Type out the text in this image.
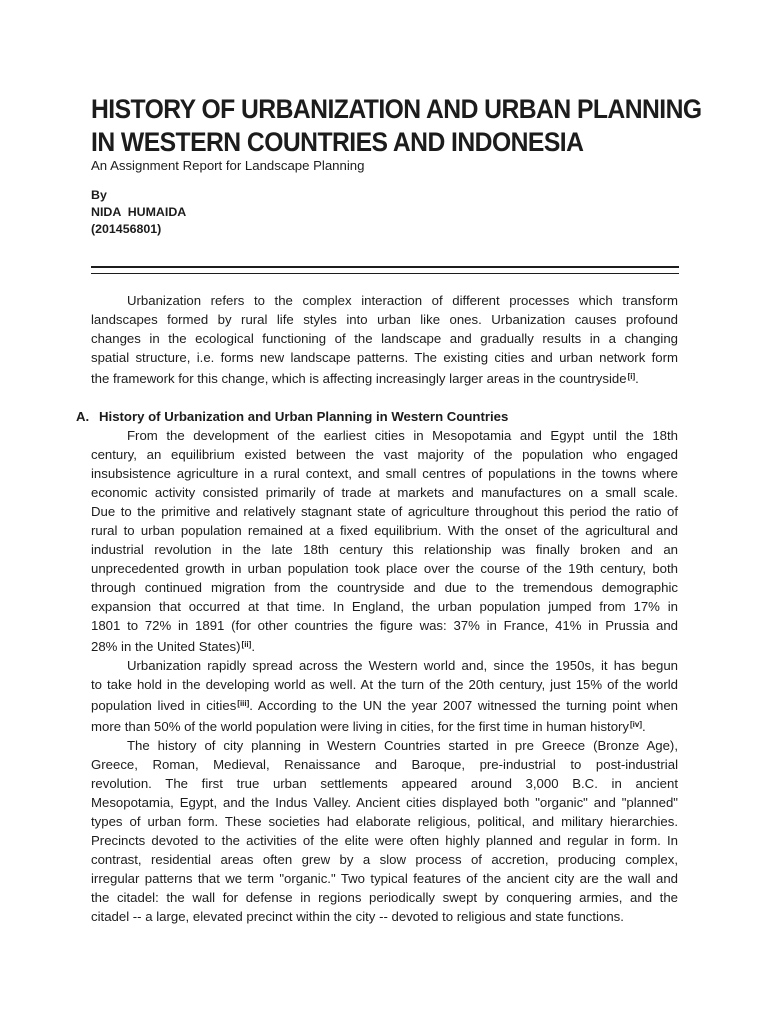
HISTORY OF URBANIZATION AND URBAN PLANNING
IN WESTERN COUNTRIES AND INDONESIA
An Assignment Report for Landscape Planning
By
NIDA  HUMAIDA
(201456801)
Urbanization refers to the complex interaction of different processes which transform
landscapes formed by rural life styles into urban like ones. Urbanization causes profound
changes in the ecological functioning of the landscape and gradually results in a changing
spatial structure, i.e. forms new landscape patterns. The existing cities and urban network form
the framework for this change, which is affecting increasingly larger areas in the countryside[i].
A. History of Urbanization and Urban Planning in Western Countries
From the development of the earliest cities in Mesopotamia and Egypt until the 18th
century, an equilibrium existed between the vast majority of the population who engaged
insubsistence agriculture in a rural context, and small centres of populations in the towns where
economic activity consisted primarily of trade at markets and manufactures on a small scale.
Due to the primitive and relatively stagnant state of agriculture throughout this period the ratio of
rural to urban population remained at a fixed equilibrium. With the onset of the agricultural and
industrial revolution in the late 18th century this relationship was finally broken and an
unprecedented growth in urban population took place over the course of the 19th century, both
through continued migration from the countryside and due to the tremendous demographic
expansion that occurred at that time. In England, the urban population jumped from 17% in
1801 to 72% in 1891 (for other countries the figure was: 37% in France, 41% in Prussia and
28% in the United States)[ii].
Urbanization rapidly spread across the Western world and, since the 1950s, it has begun
to take hold in the developing world as well. At the turn of the 20th century, just 15% of the world
population lived in cities[iii]. According to the UN the year 2007 witnessed the turning point when
more than 50% of the world population were living in cities, for the first time in human history[iv].
The history of city planning in Western Countries started in pre Greece (Bronze Age),
Greece, Roman, Medieval, Renaissance and Baroque, pre-industrial to post-industrial
revolution. The first true urban settlements appeared around 3,000 B.C. in ancient
Mesopotamia, Egypt, and the Indus Valley. Ancient cities displayed both "organic" and "planned"
types of urban form. These societies had elaborate religious, political, and military hierarchies.
Precincts devoted to the activities of the elite were often highly planned and regular in form. In
contrast, residential areas often grew by a slow process of accretion, producing complex,
irregular patterns that we term "organic." Two typical features of the ancient city are the wall and
the citadel: the wall for defense in regions periodically swept by conquering armies, and the
citadel -- a large, elevated precinct within the city -- devoted to religious and state functions.
